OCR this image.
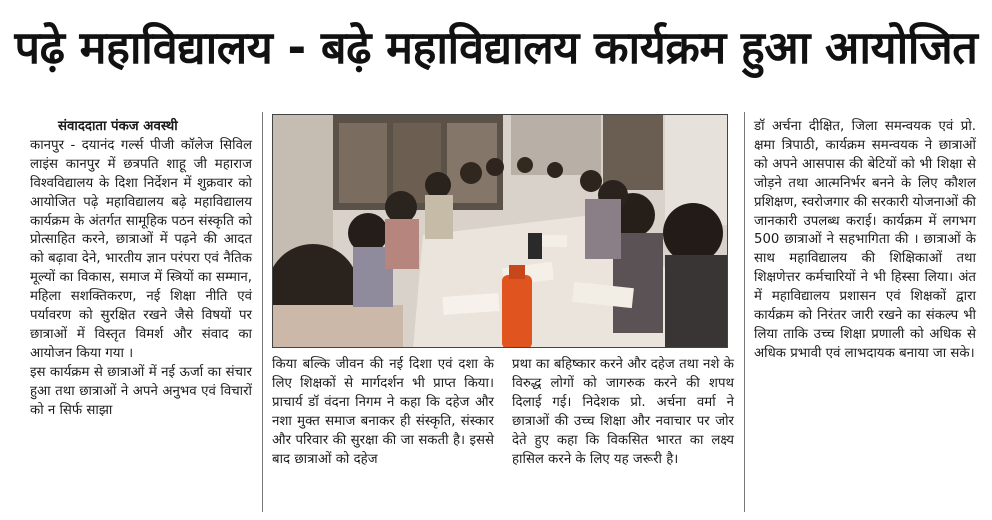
पढ़े महाविद्यालय - बढ़े महाविद्यालय कार्यक्रम हुआ आयोजित
संवाददाता पंकज अवस्थी

कानपुर - दयानंद गर्ल्स पीजी कॉलेज सिविल लाइंस कानपुर में छत्रपति शाहू जी महाराज विश्वविद्यालय के दिशा निर्देशन में शुक्रवार को आयोजित पढ़े महाविद्यालय बढ़े महाविद्यालय कार्यक्रम के अंतर्गत सामूहिक पठन संस्कृति को प्रोत्साहित करने, छात्राओं में पढ़ने की आदत को बढ़ावा देने, भारतीय ज्ञान परंपरा एवं नैतिक मूल्यों का विकास, समाज में स्त्रियों का सम्मान, महिला सशक्तिकरण, नई शिक्षा नीति एवं पर्यावरण को सुरक्षित रखने जैसे विषयों पर छात्राओं में विस्तृत विमर्श और संवाद का आयोजन किया गया ।

इस कार्यक्रम से छात्राओं में नई ऊर्जा का संचार हुआ तथा छात्राओं ने अपने अनुभव एवं विचारों को न सिर्फ साझा

किया बल्कि जीवन की नई दिशा एवं दशा के लिए शिक्षकों से मार्गदर्शन भी प्राप्त किया। प्राचार्य डॉ वंदना निगम ने कहा कि दहेज और नशा मुक्त समाज बनाकर ही संस्कृति, संस्कार और परिवार की सुरक्षा की जा सकती है। इससे बाद छात्राओं को दहेज

प्रथा का बहिष्कार करने और दहेज तथा नशे के विरुद्ध लोगों को जागरुक करने की शपथ दिलाई गई। निदेशक प्रो. अर्चना वर्मा ने छात्राओं की उच्च शिक्षा और नवाचार पर जोर देते हुए कहा कि विकसित भारत का लक्ष्य हासिल करने के लिए यह जरूरी है।

डॉ अर्चना दीक्षित, जिला समन्वयक एवं प्रो. क्षमा त्रिपाठी, कार्यक्रम समन्वयक ने छात्राओं को अपने आसपास की बेटियों को भी शिक्षा से जोड़ने तथा आत्मनिर्भर बनने के लिए कौशल प्रशिक्षण, स्वरोजगार की सरकारी योजनाओं की जानकारी उपलब्ध कराई। कार्यक्रम में लगभग 500 छात्राओं ने सहभागिता की । छात्राओं के साथ महाविद्यालय की शिक्षिकाओं तथा शिक्षणेत्तर कर्मचारियों ने भी हिस्सा लिया। अंत में महाविद्यालय प्रशासन एवं शिक्षकों द्वारा कार्यक्रम को निरंतर जारी रखने का संकल्प भी लिया ताकि उच्च शिक्षा प्रणाली को अधिक से अधिक प्रभावी एवं लाभदायक बनाया जा सके।
